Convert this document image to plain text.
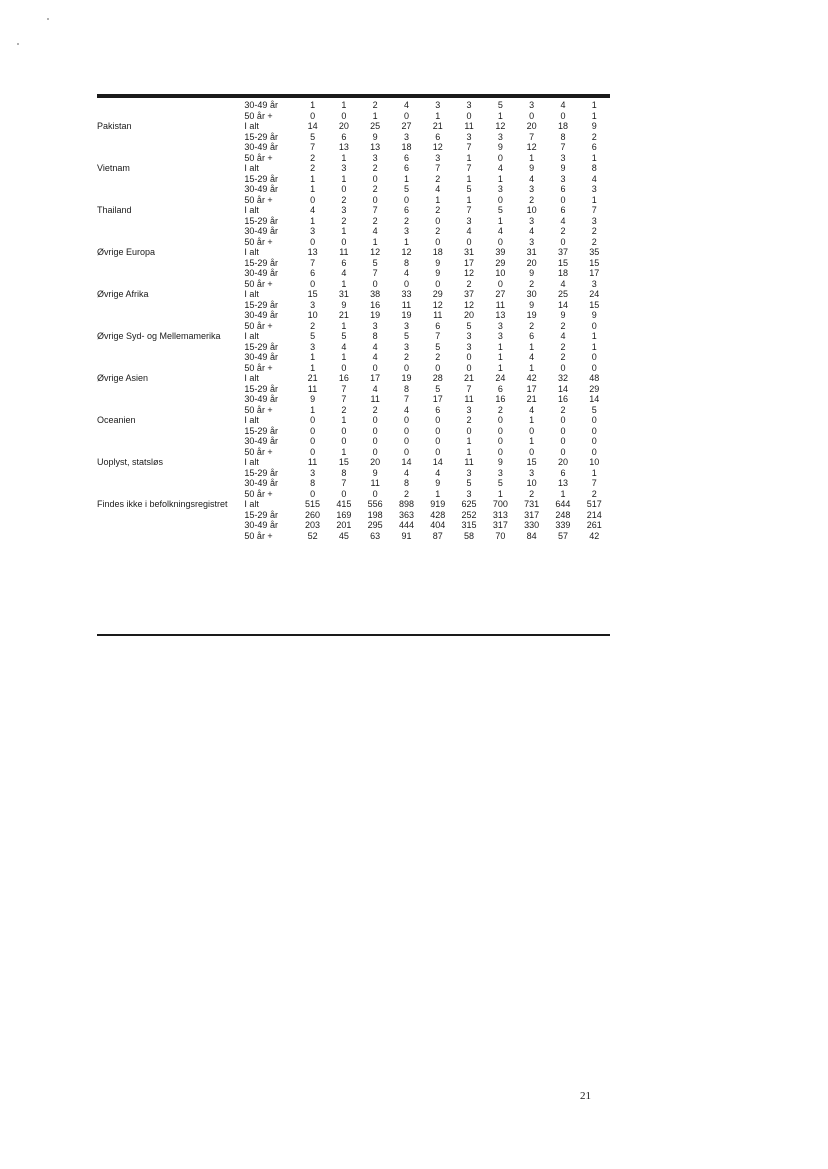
	30-49 år	1	1	2	4	3	3	5	3	4	1
	50 år +	0	0	1	0	1	0	1	0	0	1
Pakistan	I alt	14	20	25	27	21	11	12	20	18	9
	15-29 år	5	6	9	3	6	3	3	7	8	2
	30-49 år	7	13	13	18	12	7	9	12	7	6
	50 år +	2	1	3	6	3	1	0	1	3	1
Vietnam	I alt	2	3	2	6	7	7	4	9	9	8
	15-29 år	1	1	0	1	2	1	1	4	3	4
	30-49 år	1	0	2	5	4	5	3	3	6	3
	50 år +	0	2	0	0	1	1	0	2	0	1
Thailand	I alt	4	3	7	6	2	7	5	10	6	7
	15-29 år	1	2	2	2	0	3	1	3	4	3
	30-49 år	3	1	4	3	2	4	4	4	2	2
	50 år +	0	0	1	1	0	0	0	3	0	2
Øvrige Europa	I alt	13	11	12	12	18	31	39	31	37	35
	15-29 år	7	6	5	8	9	17	29	20	15	15
	30-49 år	6	4	7	4	9	12	10	9	18	17
	50 år +	0	1	0	0	0	2	0	2	4	3
Øvrige Afrika	I alt	15	31	38	33	29	37	27	30	25	24
	15-29 år	3	9	16	11	12	12	11	9	14	15
	30-49 år	10	21	19	19	11	20	13	19	9	9
	50 år +	2	1	3	3	6	5	3	2	2	0
Øvrige Syd- og Mellemamerika	I alt	5	5	8	5	7	3	3	6	4	1
	15-29 år	3	4	4	3	5	3	1	1	2	1
	30-49 år	1	1	4	2	2	0	1	4	2	0
	50 år +	1	0	0	0	0	0	1	1	0	0
Øvrige Asien	I alt	21	16	17	19	28	21	24	42	32	48
	15-29 år	11	7	4	8	5	7	6	17	14	29
	30-49 år	9	7	11	7	17	11	16	21	16	14
	50 år +	1	2	2	4	6	3	2	4	2	5
Oceanien	I alt	0	1	0	0	0	2	0	1	0	0
	15-29 år	0	0	0	0	0	0	0	0	0	0
	30-49 år	0	0	0	0	0	1	0	1	0	0
	50 år +	0	1	0	0	0	1	0	0	0	0
Uoplyst, statsløs	I alt	11	15	20	14	14	11	9	15	20	10
	15-29 år	3	8	9	4	4	3	3	3	6	1
	30-49 år	8	7	11	8	9	5	5	10	13	7
	50 år +	0	0	0	2	1	3	1	2	1	2
Findes ikke i befolkningsregistret	I alt	515	415	556	898	919	625	700	731	644	517
	15-29 år	260	169	198	363	428	252	313	317	248	214
	30-49 år	203	201	295	444	404	315	317	330	339	261
	50 år +	52	45	63	91	87	58	70	84	57	42
21
